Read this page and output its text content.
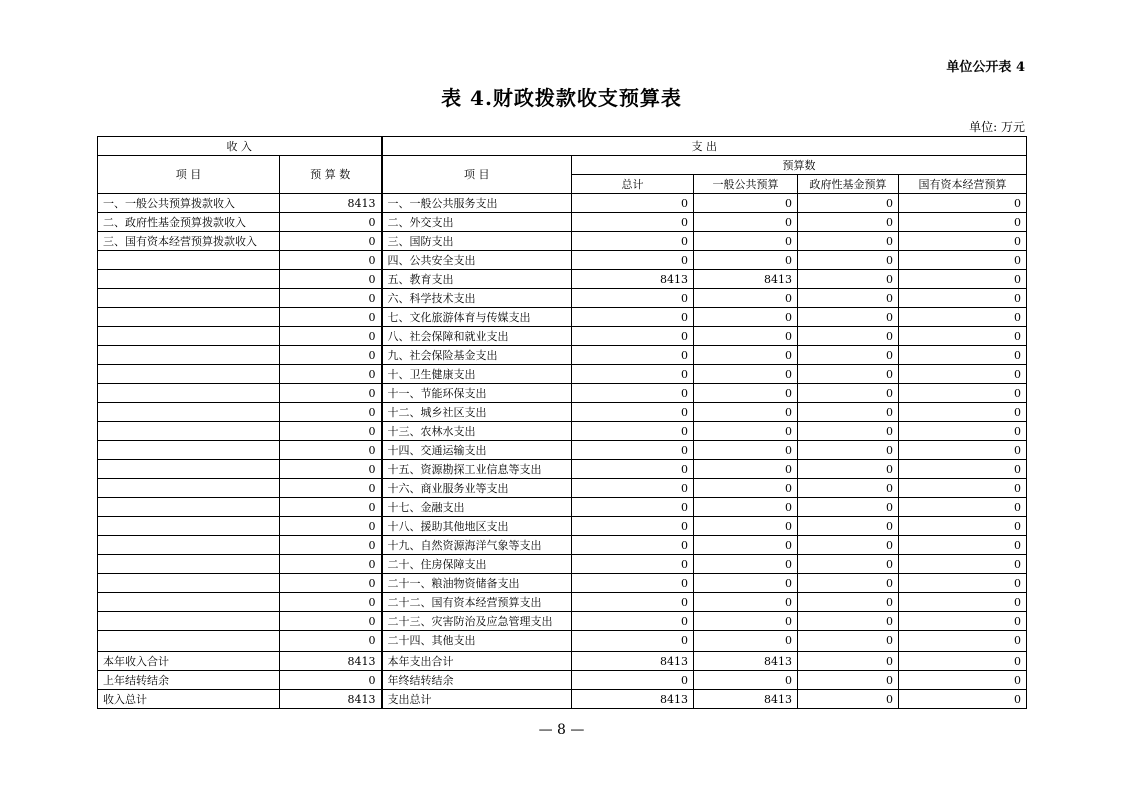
单位公开表 4
表 4.财政拨款收支预算表
单位: 万元
收 入		支 出				
项 目	预 算 数	项 目	预算数			
			总计	一般公共预算	政府性基金预算	国有资本经营预算
一、一般公共预算拨款收入	8413	一、一般公共服务支出	0	0	0	0
二、政府性基金预算拨款收入	0	二、外交支出	0	0	0	0
三、国有资本经营预算拨款收入	0	三、国防支出	0	0	0	0
	0	四、公共安全支出	0	0	0	0
	0	五、教育支出	8413	8413	0	0
	0	六、科学技术支出	0	0	0	0
	0	七、文化旅游体育与传媒支出	0	0	0	0
	0	八、社会保障和就业支出	0	0	0	0
	0	九、社会保险基金支出	0	0	0	0
	0	十、卫生健康支出	0	0	0	0
	0	十一、节能环保支出	0	0	0	0
	0	十二、城乡社区支出	0	0	0	0
	0	十三、农林水支出	0	0	0	0
	0	十四、交通运输支出	0	0	0	0
	0	十五、资源勘探工业信息等支出	0	0	0	0
	0	十六、商业服务业等支出	0	0	0	0
	0	十七、金融支出	0	0	0	0
	0	十八、援助其他地区支出	0	0	0	0
	0	十九、自然资源海洋气象等支出	0	0	0	0
	0	二十、住房保障支出	0	0	0	0
	0	二十一、粮油物资储备支出	0	0	0	0
	0	二十二、国有资本经营预算支出	0	0	0	0
	0	二十三、灾害防治及应急管理支出	0	0	0	0
	0	二十四、其他支出	0	0	0	0
本年收入合计	8413	本年支出合计	8413	8413	0	0
上年结转结余	0	年终结转结余	0	0	0	0
收入总计	8413	支出总计	8413	8413	0	0
— 8 —
